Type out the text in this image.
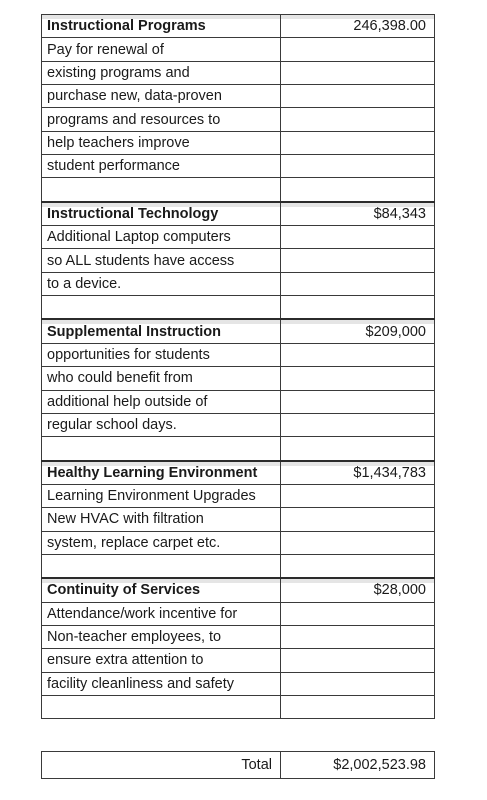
Instructional Programs	246,398.00
Pay for renewal of	
existing programs and	
purchase new, data-proven	
programs and resources to	
help teachers improve	
student performance	

Instructional Technology	$84,343
Additional Laptop computers	
so ALL students have access	
to a device.	

Supplemental Instruction	$209,000
opportunities for students	
who could benefit from	
additional help outside of	
regular school days.	

Healthy Learning Environment	$1,434,783
Learning Environment Upgrades	
New HVAC with filtration	
system, replace carpet etc.	

Continuity of Services	$28,000
Attendance/work incentive for	
Non-teacher employees, to	
ensure extra attention to	
facility cleanliness and safety	

Total	$2,002,523.98
